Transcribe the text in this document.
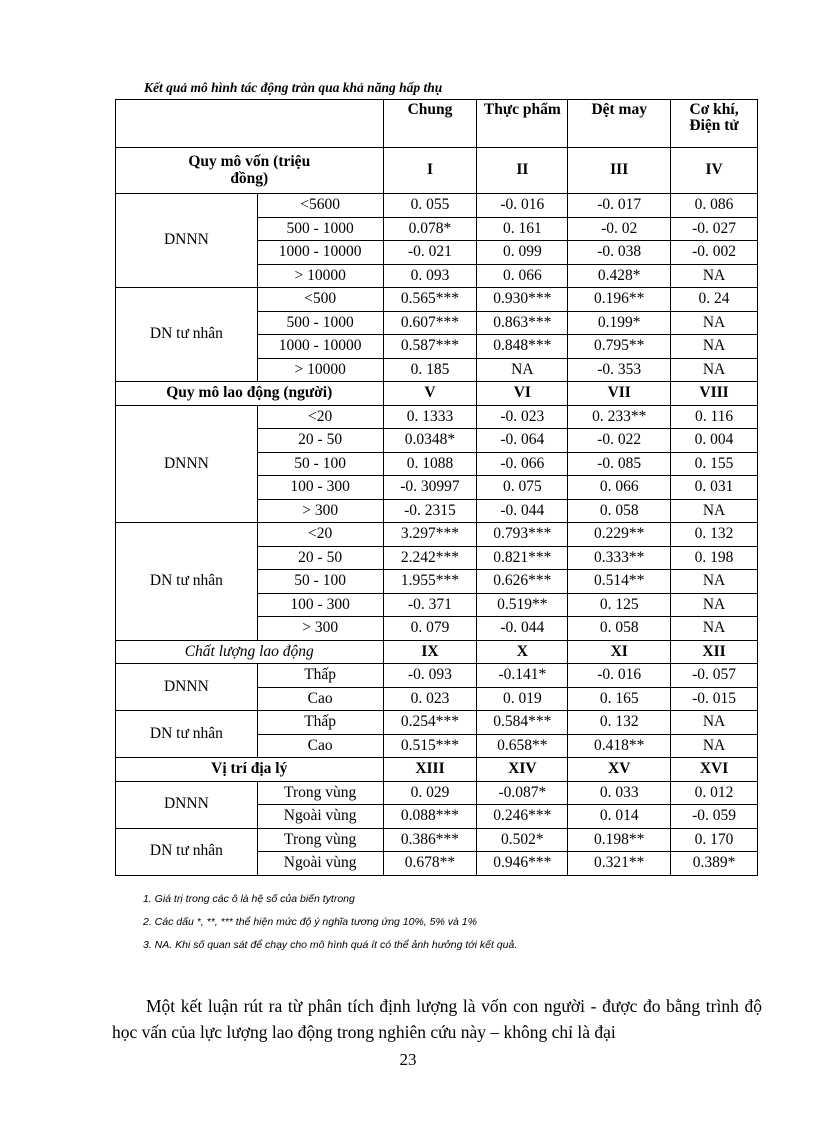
Kết quả mô hình tác động tràn qua khả năng hấp thụ
		Chung	Thực phẩm	Dệt may	Cơ khí, Điện tử
Quy mô vốn (triệu đồng)		I	II	III	IV
DNNN	<5600	0. 055	-0. 016	-0. 017	0. 086
	500 - 1000	0.078*	0. 161	-0. 02	-0. 027
	1000 - 10000	-0. 021	0. 099	-0. 038	-0. 002
	> 10000	0. 093	0. 066	0.428*	NA
DN tư nhân	<500	0.565***	0.930***	0.196**	0. 24
	500 - 1000	0.607***	0.863***	0.199*	NA
	1000 - 10000	0.587***	0.848***	0.795**	NA
	> 10000	0. 185	NA	-0. 353	NA
Quy mô lao động (người)		V	VI	VII	VIII
DNNN	<20	0. 1333	-0. 023	0. 233**	0. 116
	20 - 50	0.0348*	-0. 064	-0. 022	0. 004
	50 - 100	0. 1088	-0. 066	-0. 085	0. 155
	100 - 300	-0. 30997	0. 075	0. 066	0. 031
	> 300	-0. 2315	-0. 044	0. 058	NA
DN tư nhân	<20	3.297***	0.793***	0.229**	0. 132
	20 - 50	2.242***	0.821***	0.333**	0. 198
	50 - 100	1.955***	0.626***	0.514**	NA
	100 - 300	-0. 371	0.519**	0. 125	NA
	> 300	0. 079	-0. 044	0. 058	NA
Chất lượng lao động		IX	X	XI	XII
DNNN	Thấp	-0. 093	-0.141*	-0. 016	-0. 057
	Cao	0. 023	0. 019	0. 165	-0. 015
DN tư nhân	Thấp	0.254***	0.584***	0. 132	NA
	Cao	0.515***	0.658**	0.418**	NA
Vị trí địa lý		XIII	XIV	XV	XVI
DNNN	Trong vùng	0. 029	-0.087*	0. 033	0. 012
	Ngoài vùng	0.088***	0.246***	0. 014	-0. 059
DN tư nhân	Trong vùng	0.386***	0.502*	0.198**	0. 170
	Ngoài vùng	0.678**	0.946***	0.321**	0.389*
1. Giá trị trong các ô là hệ số của biến tytrong
2. Các dấu *, **, *** thể hiện mức độ ý nghĩa tương ứng 10%, 5% và 1%
3. NA. Khi số quan sát để chạy cho mô hình quá ít có thể ảnh hưởng tới kết quả.

Một kết luận rút ra từ phân tích định lượng là vốn con người - được đo bằng trình độ học vấn của lực lượng lao động trong nghiên cứu này – không chỉ là đại

23
